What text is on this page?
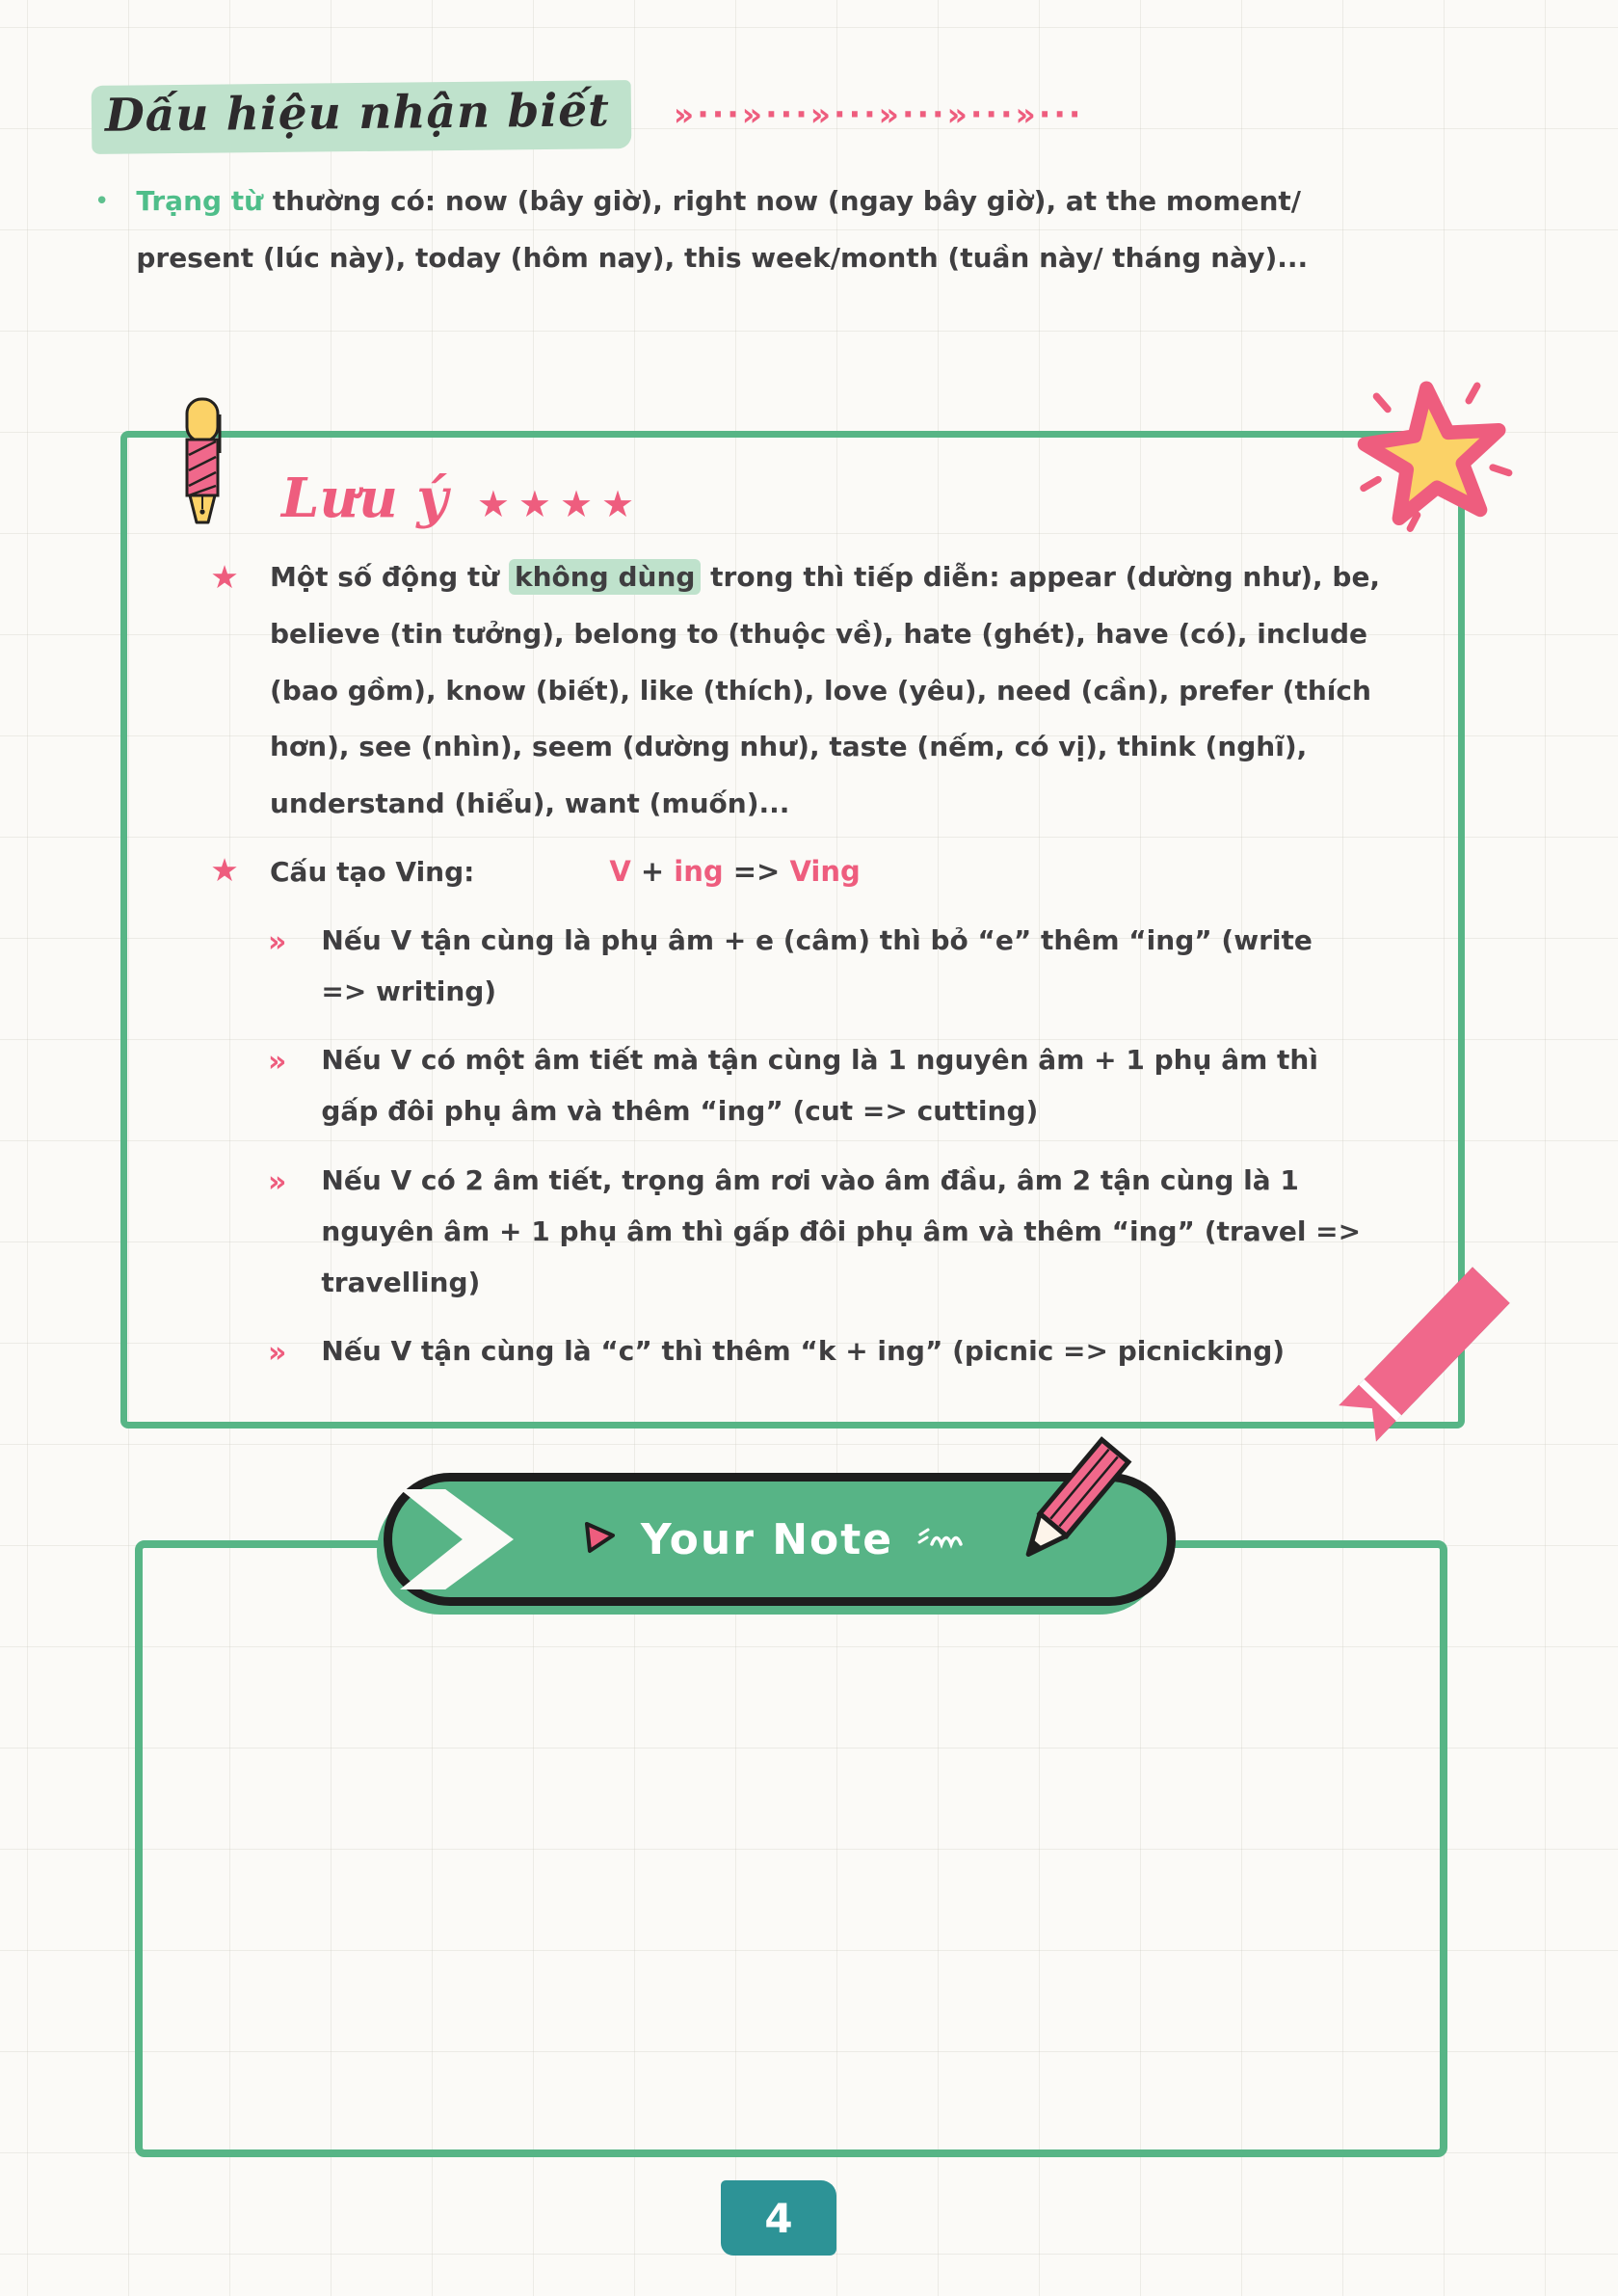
Dấu hiệu nhận biết	»···»···»···»···»···»···
• Trạng từ thường có: now (bây giờ), right now (ngay bây giờ), at the moment/
present (lúc này), today (hôm nay), this week/month (tuần này/ tháng này)...
Lưu ý ★★★★
★ Một số động từ không dùng trong thì tiếp diễn: appear (dường như), be, believe (tin tưởng), belong to (thuộc về), hate (ghét), have (có), include (bao gồm), know (biết), like (thích), love (yêu), need (cần), prefer (thích hơn), see (nhìn), seem (dường như), taste (nếm, có vị), think (nghĩ), understand (hiểu), want (muốn)...
★ Cấu tạo Ving:	V + ing => Ving
» Nếu V tận cùng là phụ âm + e (câm) thì bỏ “e” thêm “ing” (write => writing)
» Nếu V có một âm tiết mà tận cùng là 1 nguyên âm + 1 phụ âm thì gấp đôi phụ âm và thêm “ing” (cut => cutting)
» Nếu V có 2 âm tiết, trọng âm rơi vào âm đầu, âm 2 tận cùng là 1 nguyên âm + 1 phụ âm thì gấp đôi phụ âm và thêm “ing” (travel => travelling)
» Nếu V tận cùng là “c” thì thêm “k + ing” (picnic => picnicking)
Your Note
4
